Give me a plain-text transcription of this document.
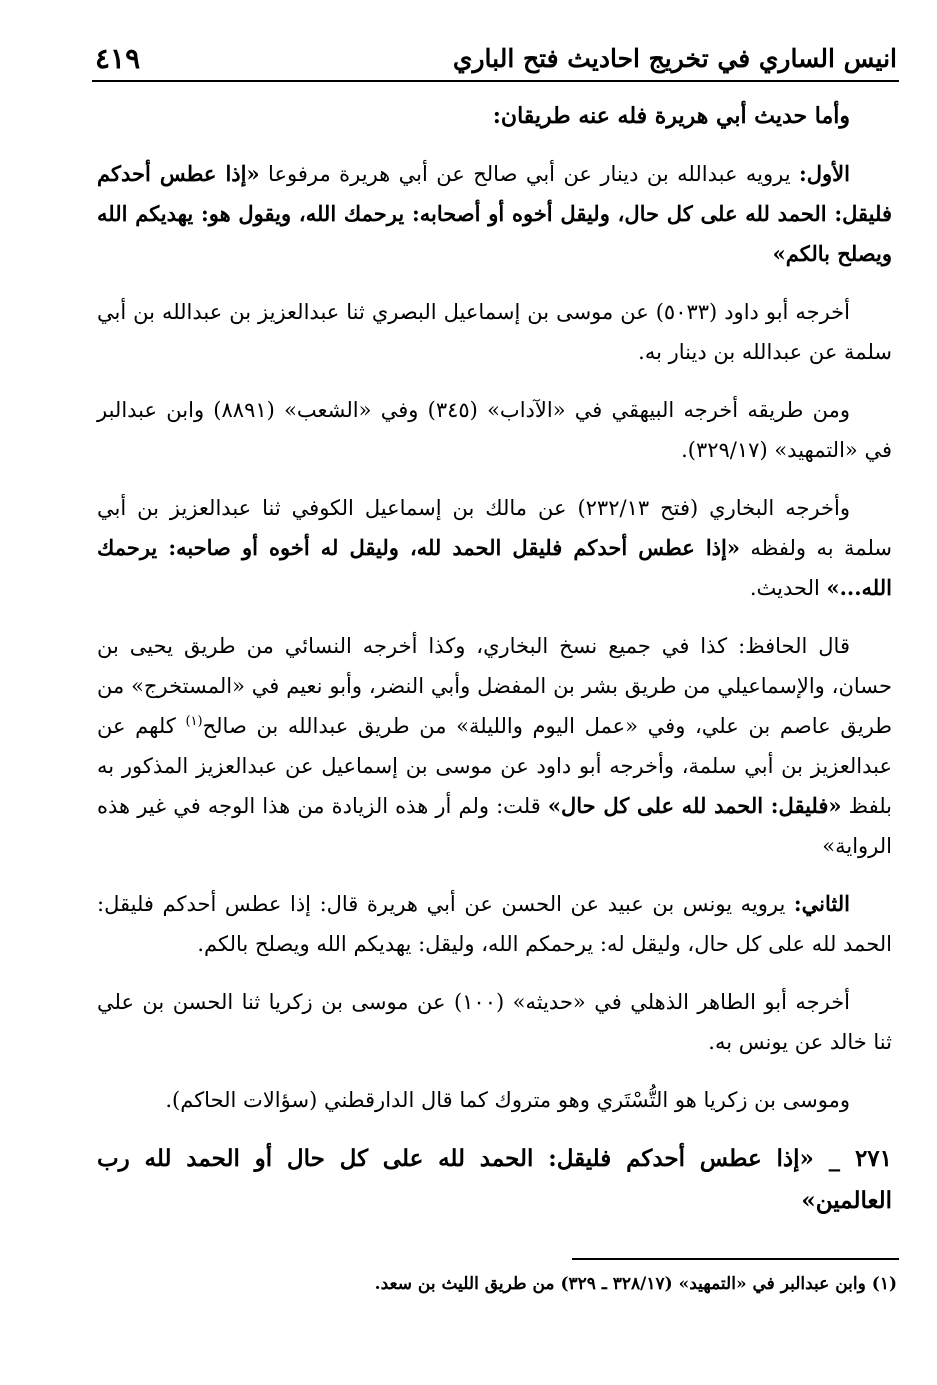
٤١٩	انيس الساري في تخريج احاديث فتح الباري

وأما حديث أبي هريرة فله عنه طريقان:

الأول: يرويه عبدالله بن دينار عن أبي صالح عن أبي هريرة مرفوعا «إذا عطس أحدكم فليقل: الحمد لله على كل حال، وليقل أخوه أو أصحابه: يرحمك الله، ويقول هو: يهديكم الله ويصلح بالكم»

أخرجه أبو داود (٥٠٣٣) عن موسى بن إسماعيل البصري ثنا عبدالعزيز بن عبدالله بن أبي سلمة عن عبدالله بن دينار به.

ومن طريقه أخرجه البيهقي في «الآداب» (٣٤٥) وفي «الشعب» (٨٨٩١) وابن عبدالبر في «التمهيد» (٣٢٩/١٧).

وأخرجه البخاري (فتح ٢٣٢/١٣) عن مالك بن إسماعيل الكوفي ثنا عبدالعزيز بن أبي سلمة به ولفظه «إذا عطس أحدكم فليقل الحمد لله، وليقل له أخوه أو صاحبه: يرحمك الله...» الحديث.

قال الحافظ: كذا في جميع نسخ البخاري، وكذا أخرجه النسائي من طريق يحيى بن حسان، والإسماعيلي من طريق بشر بن المفضل وأبي النضر، وأبو نعيم في «المستخرج» من طريق عاصم بن علي، وفي «عمل اليوم والليلة» من طريق عبدالله بن صالح$^{(١)}$ كلهم عن عبدالعزيز بن أبي سلمة، وأخرجه أبو داود عن موسى بن إسماعيل عن عبدالعزيز المذكور به بلفظ «فليقل: الحمد لله على كل حال» قلت: ولم أر هذه الزيادة من هذا الوجه في غير هذه الرواية»

الثاني: يرويه يونس بن عبيد عن الحسن عن أبي هريرة قال: إذا عطس أحدكم فليقل: الحمد لله على كل حال، وليقل له: يرحمكم الله، وليقل: يهديكم الله ويصلح بالكم.

أخرجه أبو الطاهر الذهلي في «حديثه» (١٠٠) عن موسى بن زكريا ثنا الحسن بن علي ثنا خالد عن يونس به.

وموسى بن زكريا هو التُّسْتَري وهو متروك كما قال الدارقطني (سؤالات الحاكم).

٢٧١ _ «إذا عطس أحدكم فليقل: الحمد لله على كل حال أو الحمد لله رب العالمين»

(١) وابن عبدالبر في «التمهيد» (٣٢٨/١٧ ـ ٣٢٩) من طريق الليث بن سعد.
